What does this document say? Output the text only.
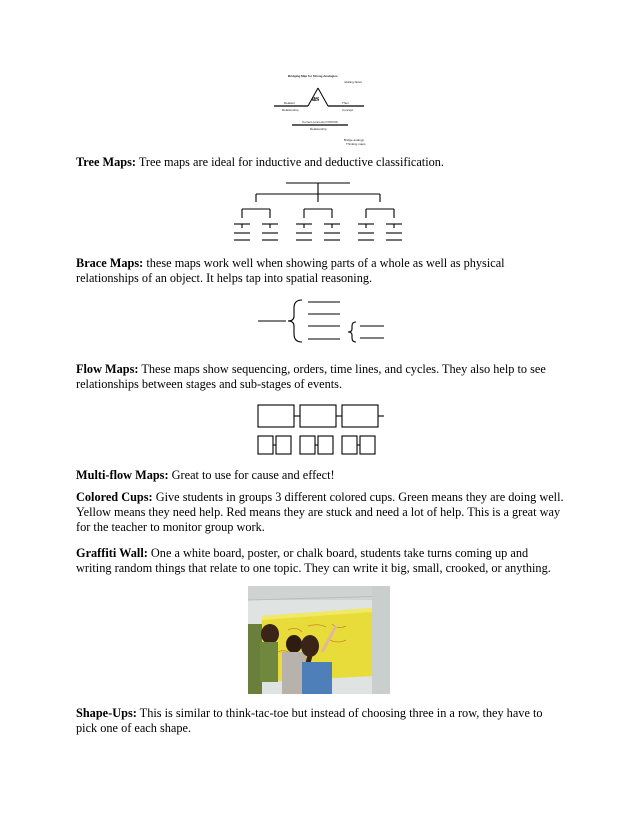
Bridging Map for Strong Analogies
relating factor
as
Relation
Relationship
Then
Concept
Correct connector/ PROOF
Relationship
Bridge analogy
Thinking maps

Tree Maps: Tree maps are ideal for inductive and deductive classification.

Brace Maps: these maps work well when showing parts of a whole as well as physical relationships of an object. It helps tap into spatial reasoning.

Flow Maps: These maps show sequencing, orders, time lines, and cycles. They also help to see relationships between stages and sub-stages of events.

Multi-flow Maps: Great to use for cause and effect!

Colored Cups: Give students in groups 3 different colored cups. Green means they are doing well. Yellow means they need help. Red means they are stuck and need a lot of help. This is a great way for the teacher to monitor group work.

Graffiti Wall: One a white board, poster, or chalk board, students take turns coming up and writing random things that relate to one topic. They can write it big, small, crooked, or anything.

Shape-Ups: This is similar to think-tac-toe but instead of choosing three in a row, they have to pick one of each shape.
